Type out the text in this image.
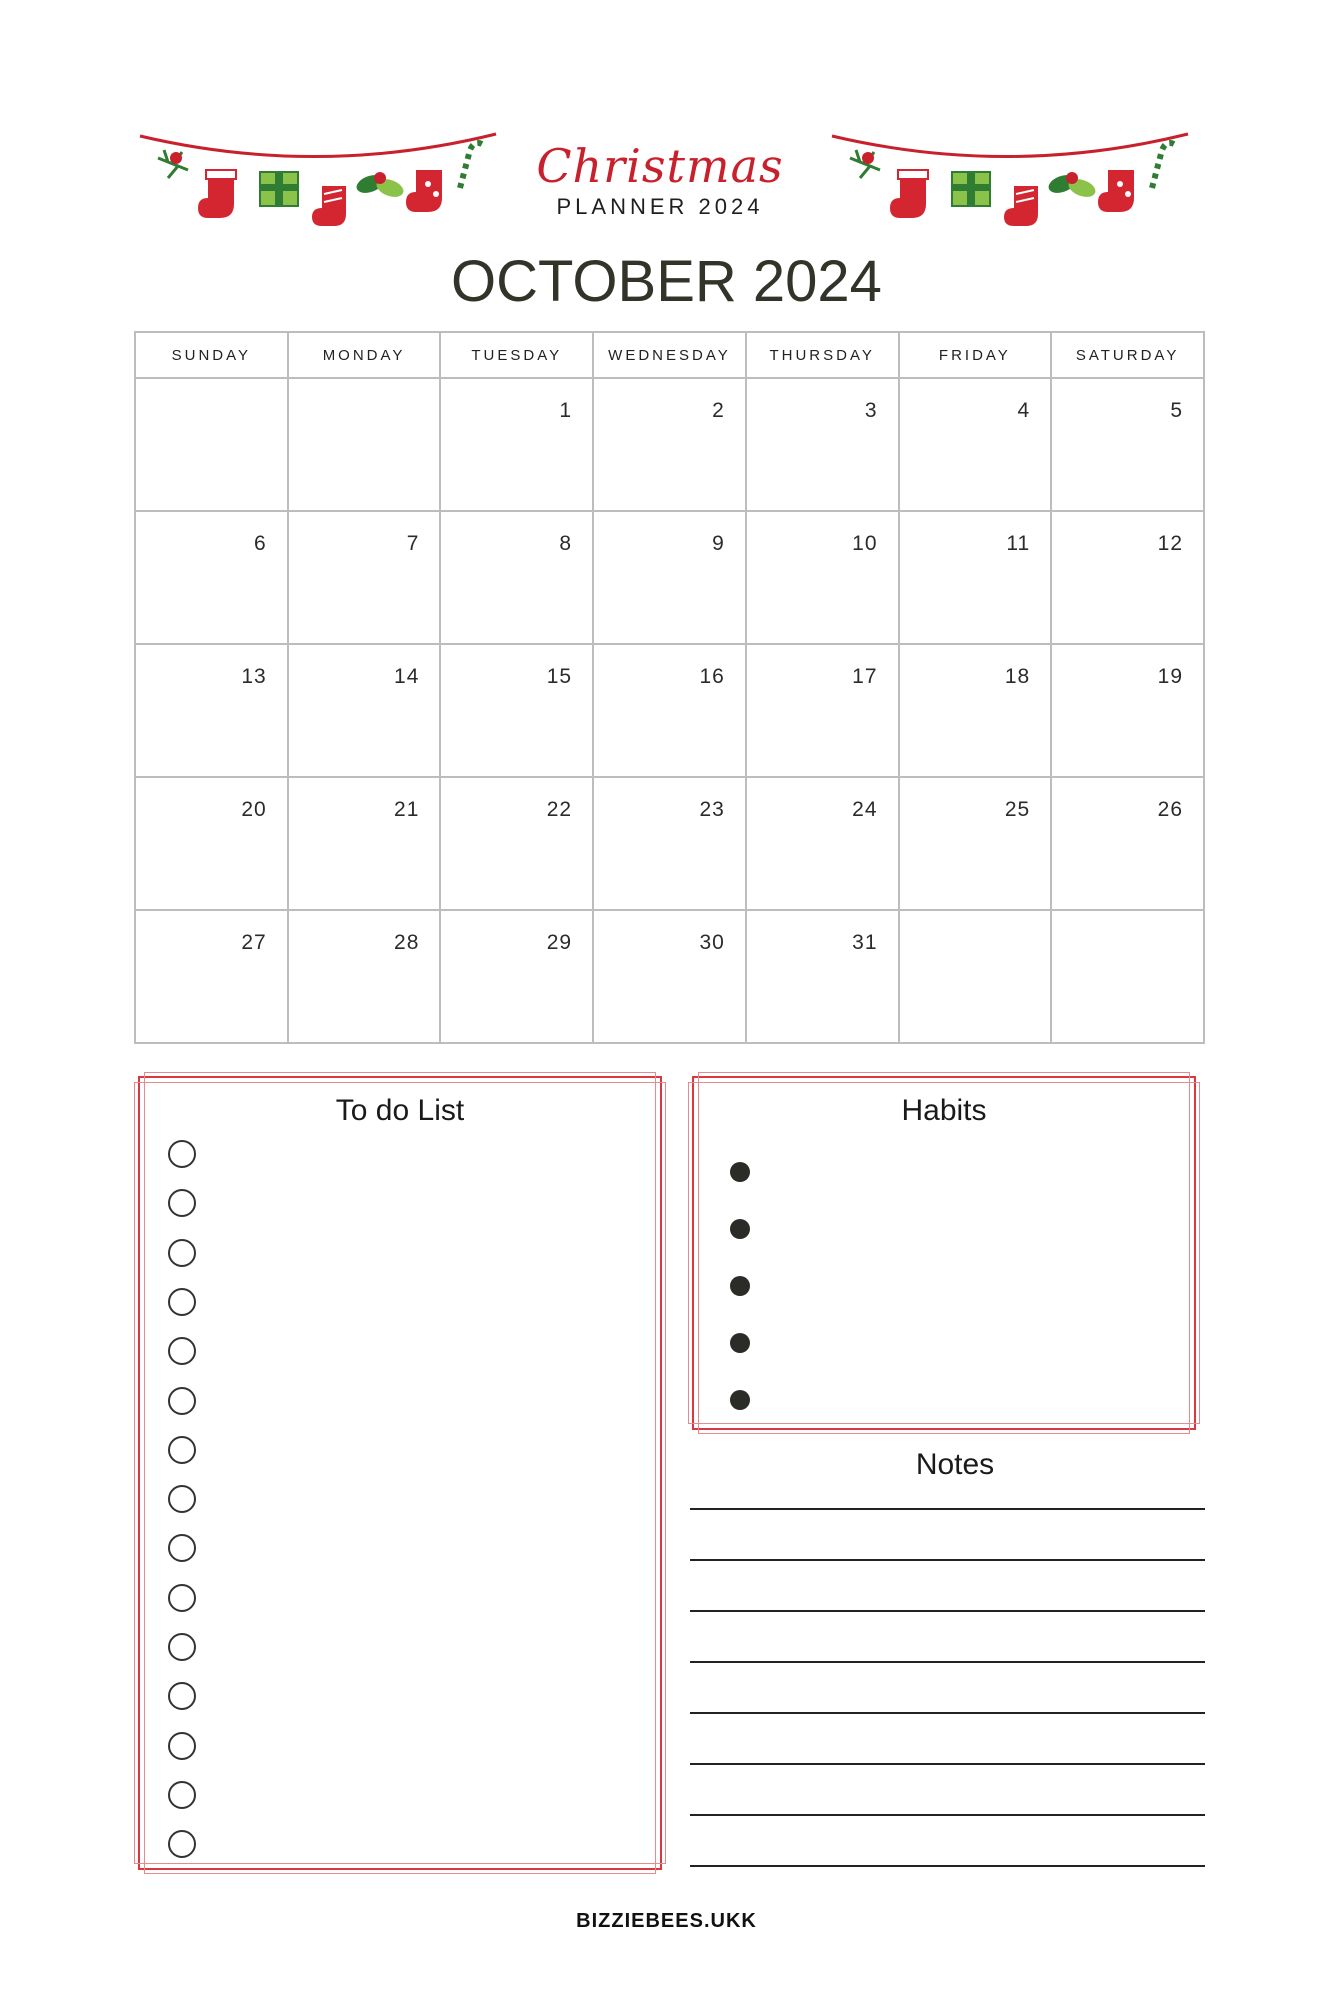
Christmas
PLANNER 2024
OCTOBER 2024
SUNDAY	MONDAY	TUESDAY	WEDNESDAY	THURSDAY	FRIDAY	SATURDAY
		1	2	3	4	5
6	7	8	9	10	11	12
13	14	15	16	17	18	19
20	21	22	23	24	25	26
27	28	29	30	31		
To do List	Habits
Notes
BIZZIEBEES.UKK
